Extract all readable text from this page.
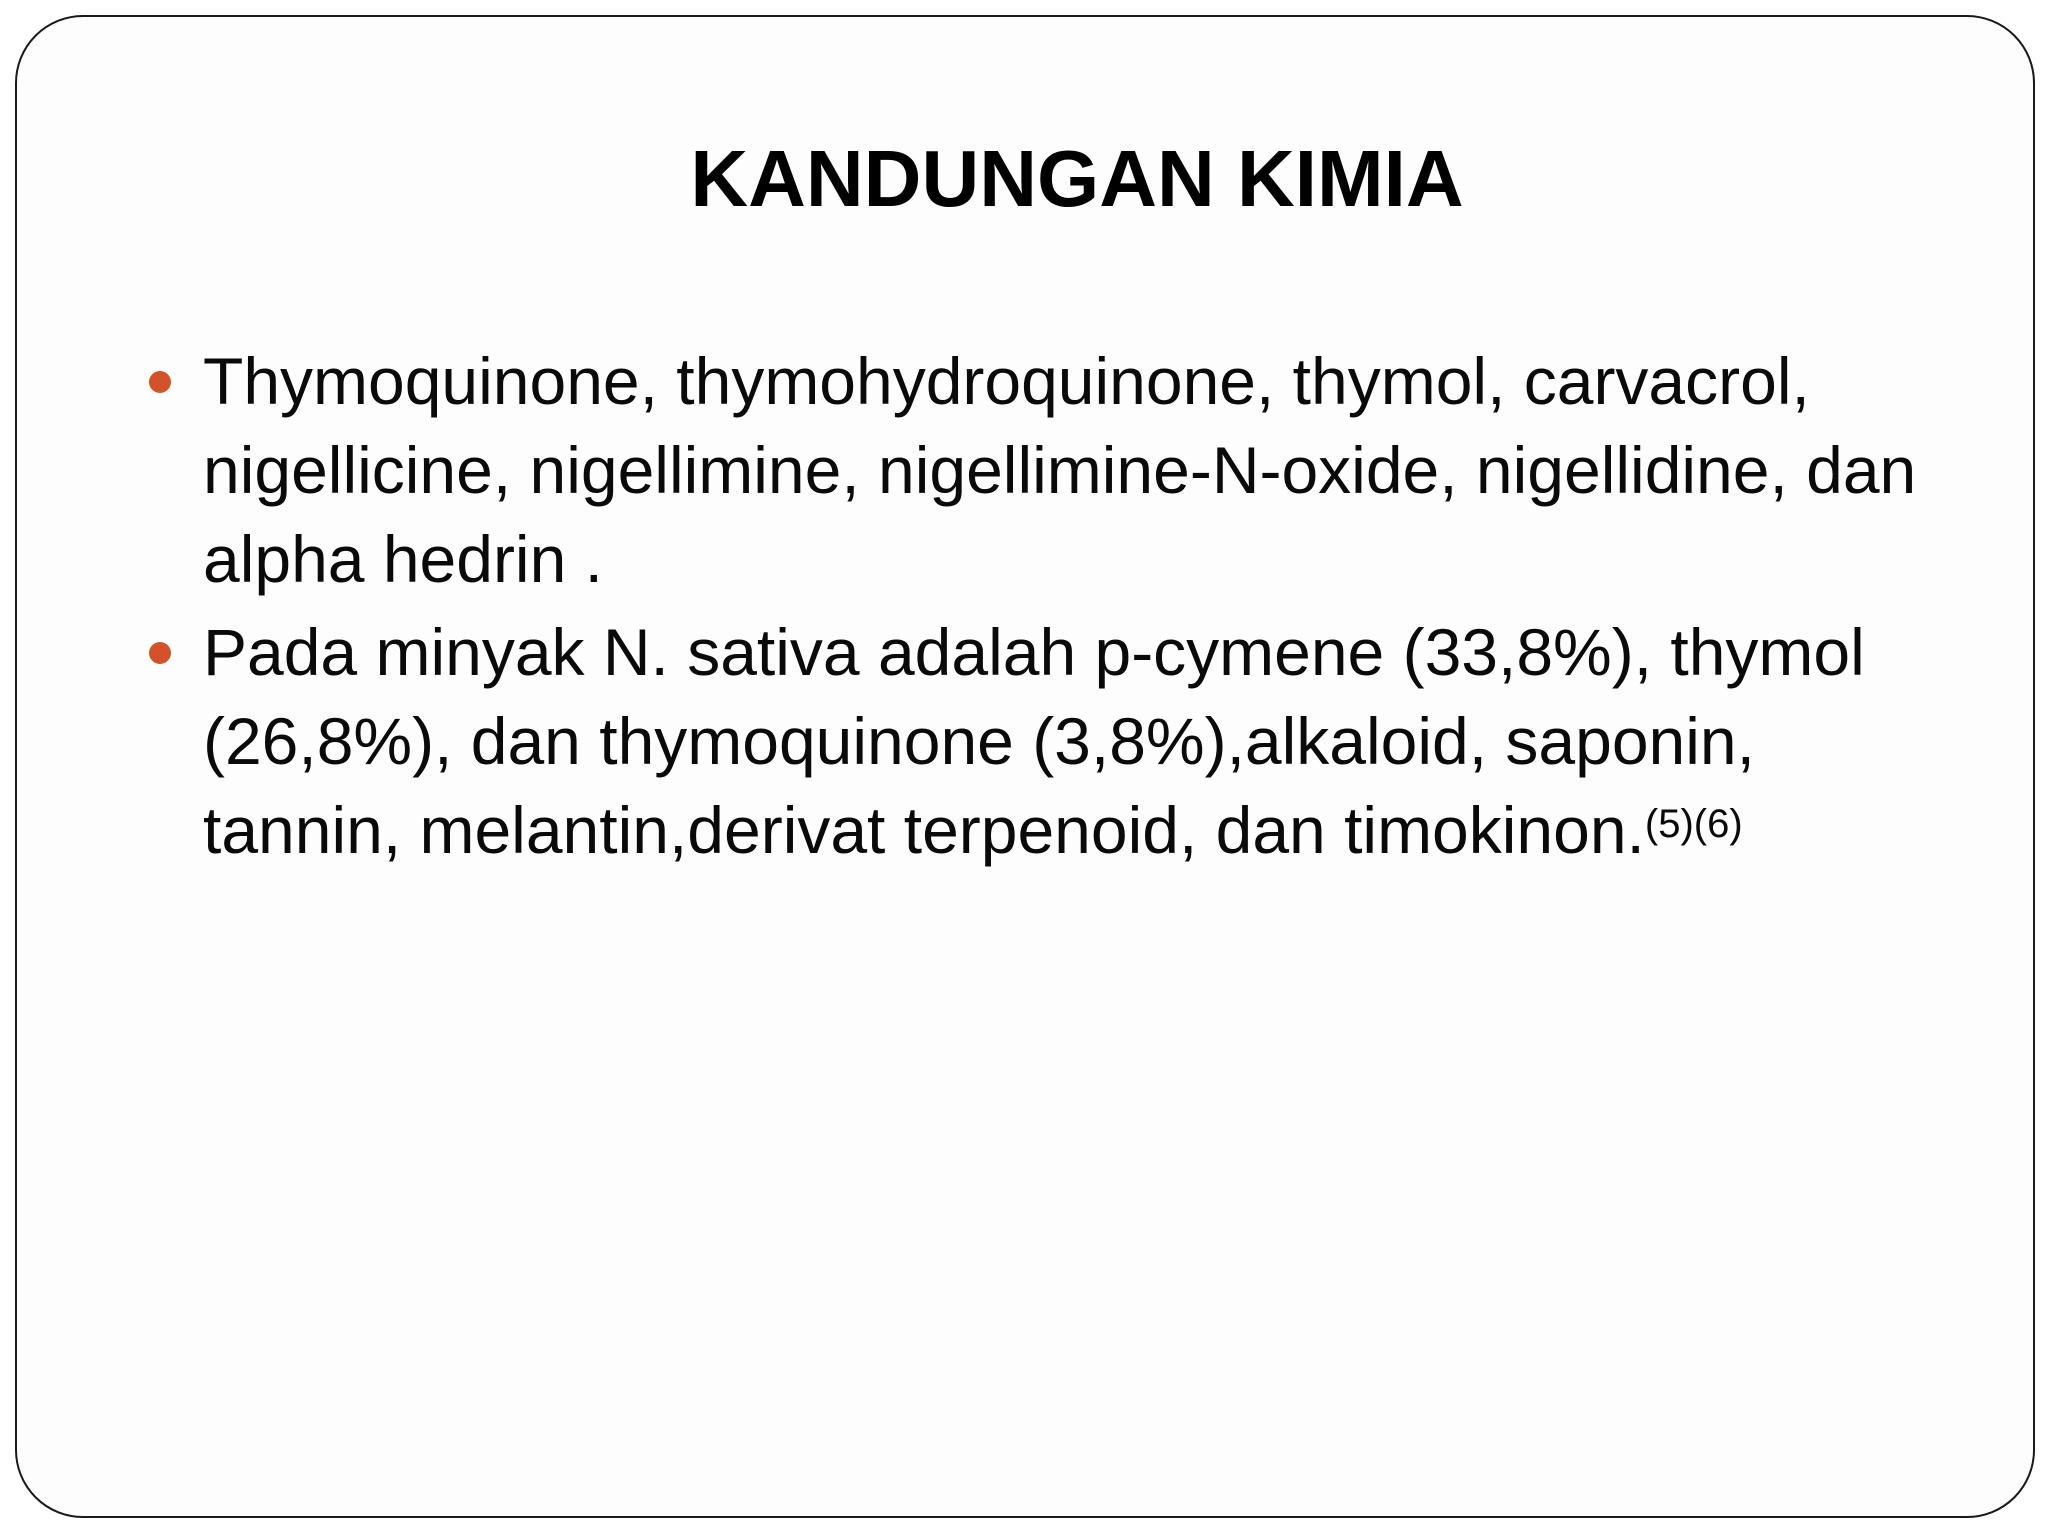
KANDUNGAN KIMIA
Thymoquinone, thymohydroquinone, thymol, carvacrol, nigellicine, nigellimine, nigellimine-N-oxide, nigellidine, dan alpha hedrin .
Pada minyak N. sativa adalah p-cymene (33,8%), thymol (26,8%), dan thymoquinone (3,8%),alkaloid, saponin, tannin, melantin,derivat terpenoid, dan timokinon.$^{(5)(6)}$
